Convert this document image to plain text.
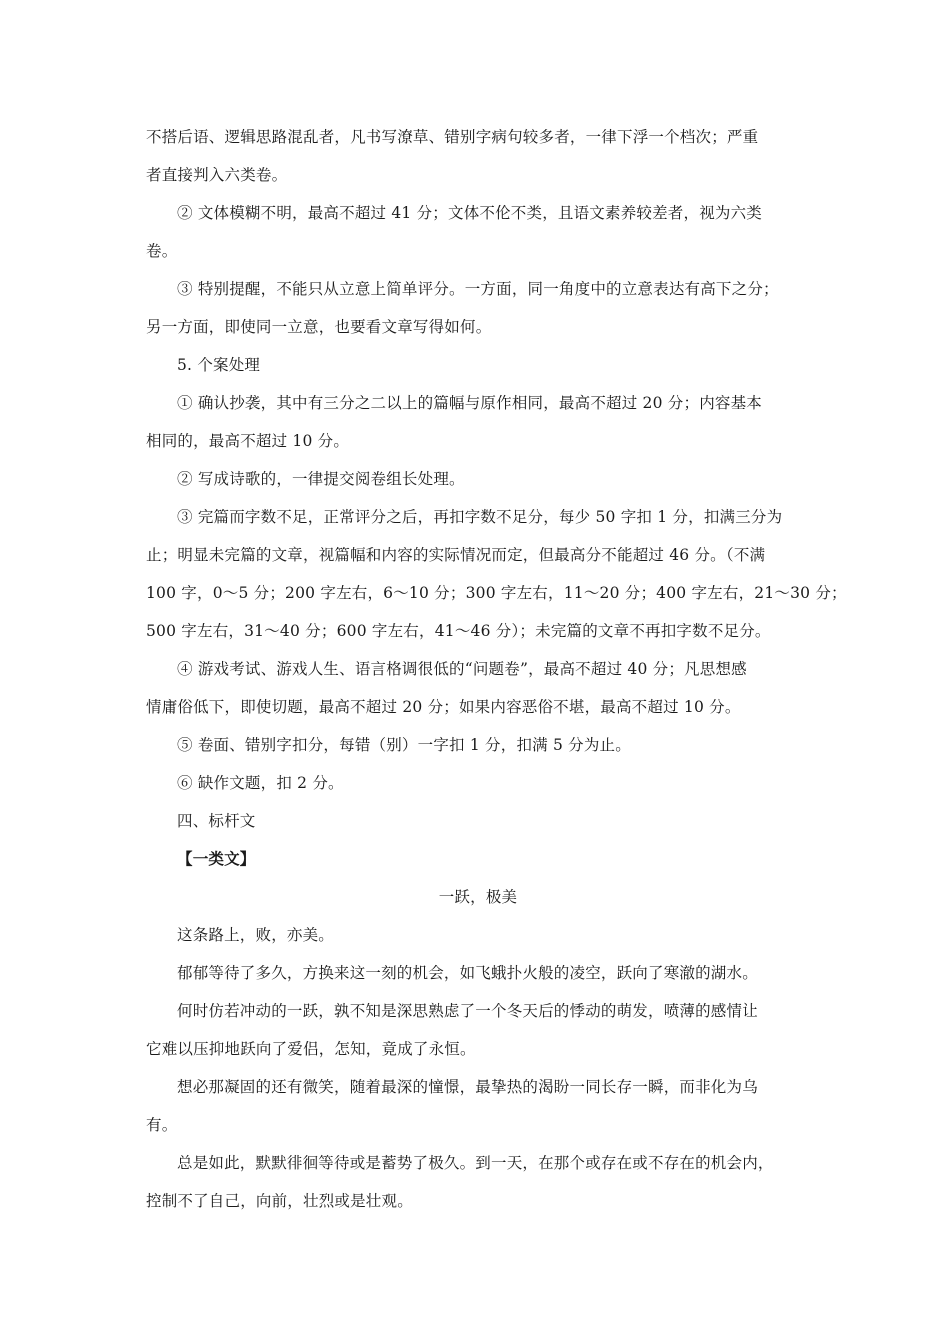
不搭后语、逻辑思路混乱者，凡书写潦草、错别字病句较多者，一律下浮一个档次；严重
者直接判入六类卷。
② 文体模糊不明，最高不超过 41 分；文体不伦不类，且语文素养较差者，视为六类
卷。
③ 特别提醒，不能只从立意上简单评分。一方面，同一角度中的立意表达有高下之分；
另一方面，即使同一立意，也要看文章写得如何。
5. 个案处理
① 确认抄袭，其中有三分之二以上的篇幅与原作相同，最高不超过 20 分；内容基本
相同的，最高不超过 10 分。
② 写成诗歌的，一律提交阅卷组长处理。
③ 完篇而字数不足，正常评分之后，再扣字数不足分，每少 50 字扣 1 分，扣满三分为
止；明显未完篇的文章，视篇幅和内容的实际情况而定，但最高分不能超过 46 分。（不满
100 字，0～5 分；200 字左右，6～10 分；300 字左右，11～20 分；400 字左右，21～30 分；
500 字左右，31～40 分；600 字左右，41～46 分）；未完篇的文章不再扣字数不足分。
④ 游戏考试、游戏人生、语言格调很低的“问题卷”，最高不超过 40 分；凡思想感
情庸俗低下，即使切题，最高不超过 20 分；如果内容恶俗不堪，最高不超过 10 分。
⑤ 卷面、错别字扣分，每错（别）一字扣 1 分，扣满 5 分为止。
⑥ 缺作文题，扣 2 分。
四、标杆文
【一类文】
一跃，极美
这条路上，败，亦美。
郁郁等待了多久，方换来这一刻的机会，如飞蛾扑火般的凌空，跃向了寒澈的湖水。
何时仿若冲动的一跃，孰不知是深思熟虑了一个冬天后的悸动的萌发，喷薄的感情让
它难以压抑地跃向了爱侣，怎知，竟成了永恒。
想必那凝固的还有微笑，随着最深的憧憬，最挚热的渴盼一同长存一瞬，而非化为乌
有。
总是如此，默默徘徊等待或是蓄势了极久。到一天，在那个或存在或不存在的机会内，
控制不了自己，向前，壮烈或是壮观。
